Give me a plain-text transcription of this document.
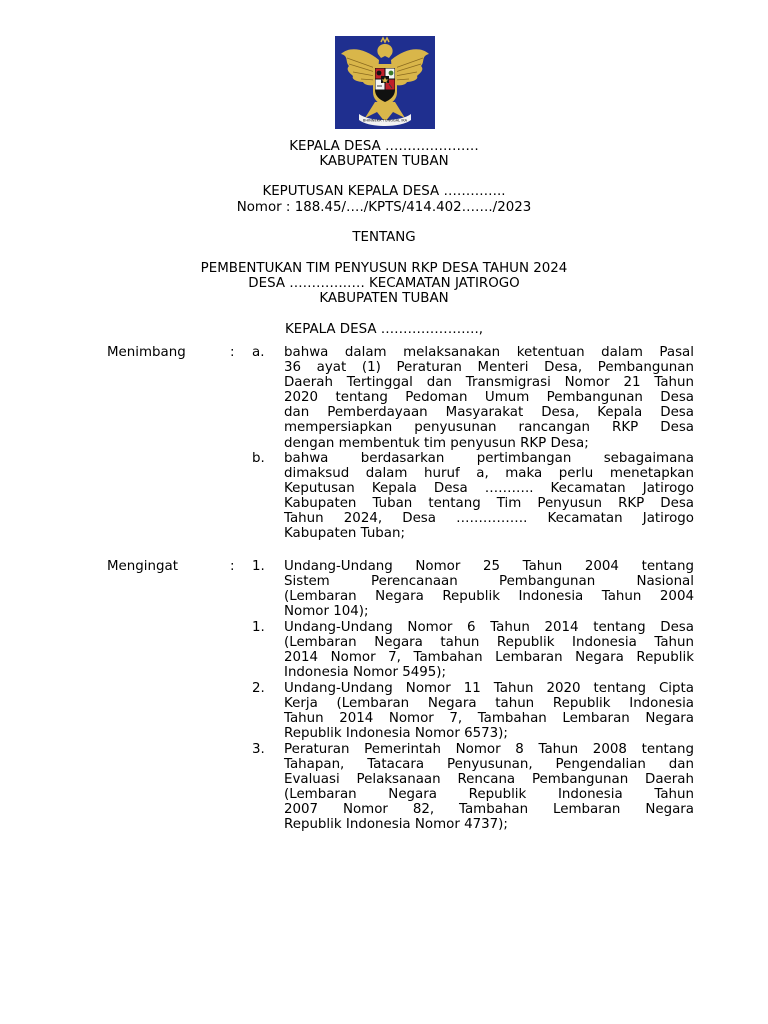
BHINNEKA TUNGGAL IKA
KEPALA DESA …………………
KABUPATEN TUBAN
KEPUTUSAN KEPALA DESA …………..
Nomor : 188.45/…./KPTS/414.402……./2023
TENTANG
PEMBENTUKAN TIM PENYUSUN RKP DESA TAHUN 2024
DESA ………….…. KECAMATAN JATIROGO
KABUPATEN TUBAN
KEPALA DESA ………………….,
Menimbang	: a. bahwa dalam melaksanakan ketentuan dalam Pasal
36 ayat (1) Peraturan Menteri Desa, Pembangunan
Daerah Tertinggal dan Transmigrasi Nomor 21 Tahun
2020 tentang Pedoman Umum Pembangunan Desa
dan Pemberdayaan Masyarakat Desa, Kepala Desa
mempersiapkan penyusunan rancangan RKP Desa
dengan membentuk tim penyusun RKP Desa;
b. bahwa berdasarkan pertimbangan sebagaimana
dimaksud dalam huruf a, maka perlu menetapkan
Keputusan Kepala Desa ……….. Kecamatan Jatirogo
Kabupaten Tuban tentang Tim Penyusun RKP Desa
Tahun 2024, Desa ……………. Kecamatan Jatirogo
Kabupaten Tuban;
Mengingat	: 1. Undang-Undang Nomor 25 Tahun 2004 tentang
Sistem Perencanaan Pembangunan Nasional
(Lembaran Negara Republik Indonesia Tahun 2004
Nomor 104);
1. Undang-Undang Nomor 6 Tahun 2014 tentang Desa
(Lembaran Negara tahun Republik Indonesia Tahun
2014 Nomor 7, Tambahan Lembaran Negara Republik
Indonesia Nomor 5495);
2. Undang-Undang Nomor 11 Tahun 2020 tentang Cipta
Kerja (Lembaran Negara tahun Republik Indonesia
Tahun 2014 Nomor 7, Tambahan Lembaran Negara
Republik Indonesia Nomor 6573);
3. Peraturan Pemerintah Nomor 8 Tahun 2008 tentang
Tahapan, Tatacara Penyusunan, Pengendalian dan
Evaluasi Pelaksanaan Rencana Pembangunan Daerah
(Lembaran Negara Republik Indonesia Tahun
2007 Nomor 82, Tambahan Lembaran Negara
Republik Indonesia Nomor 4737);
